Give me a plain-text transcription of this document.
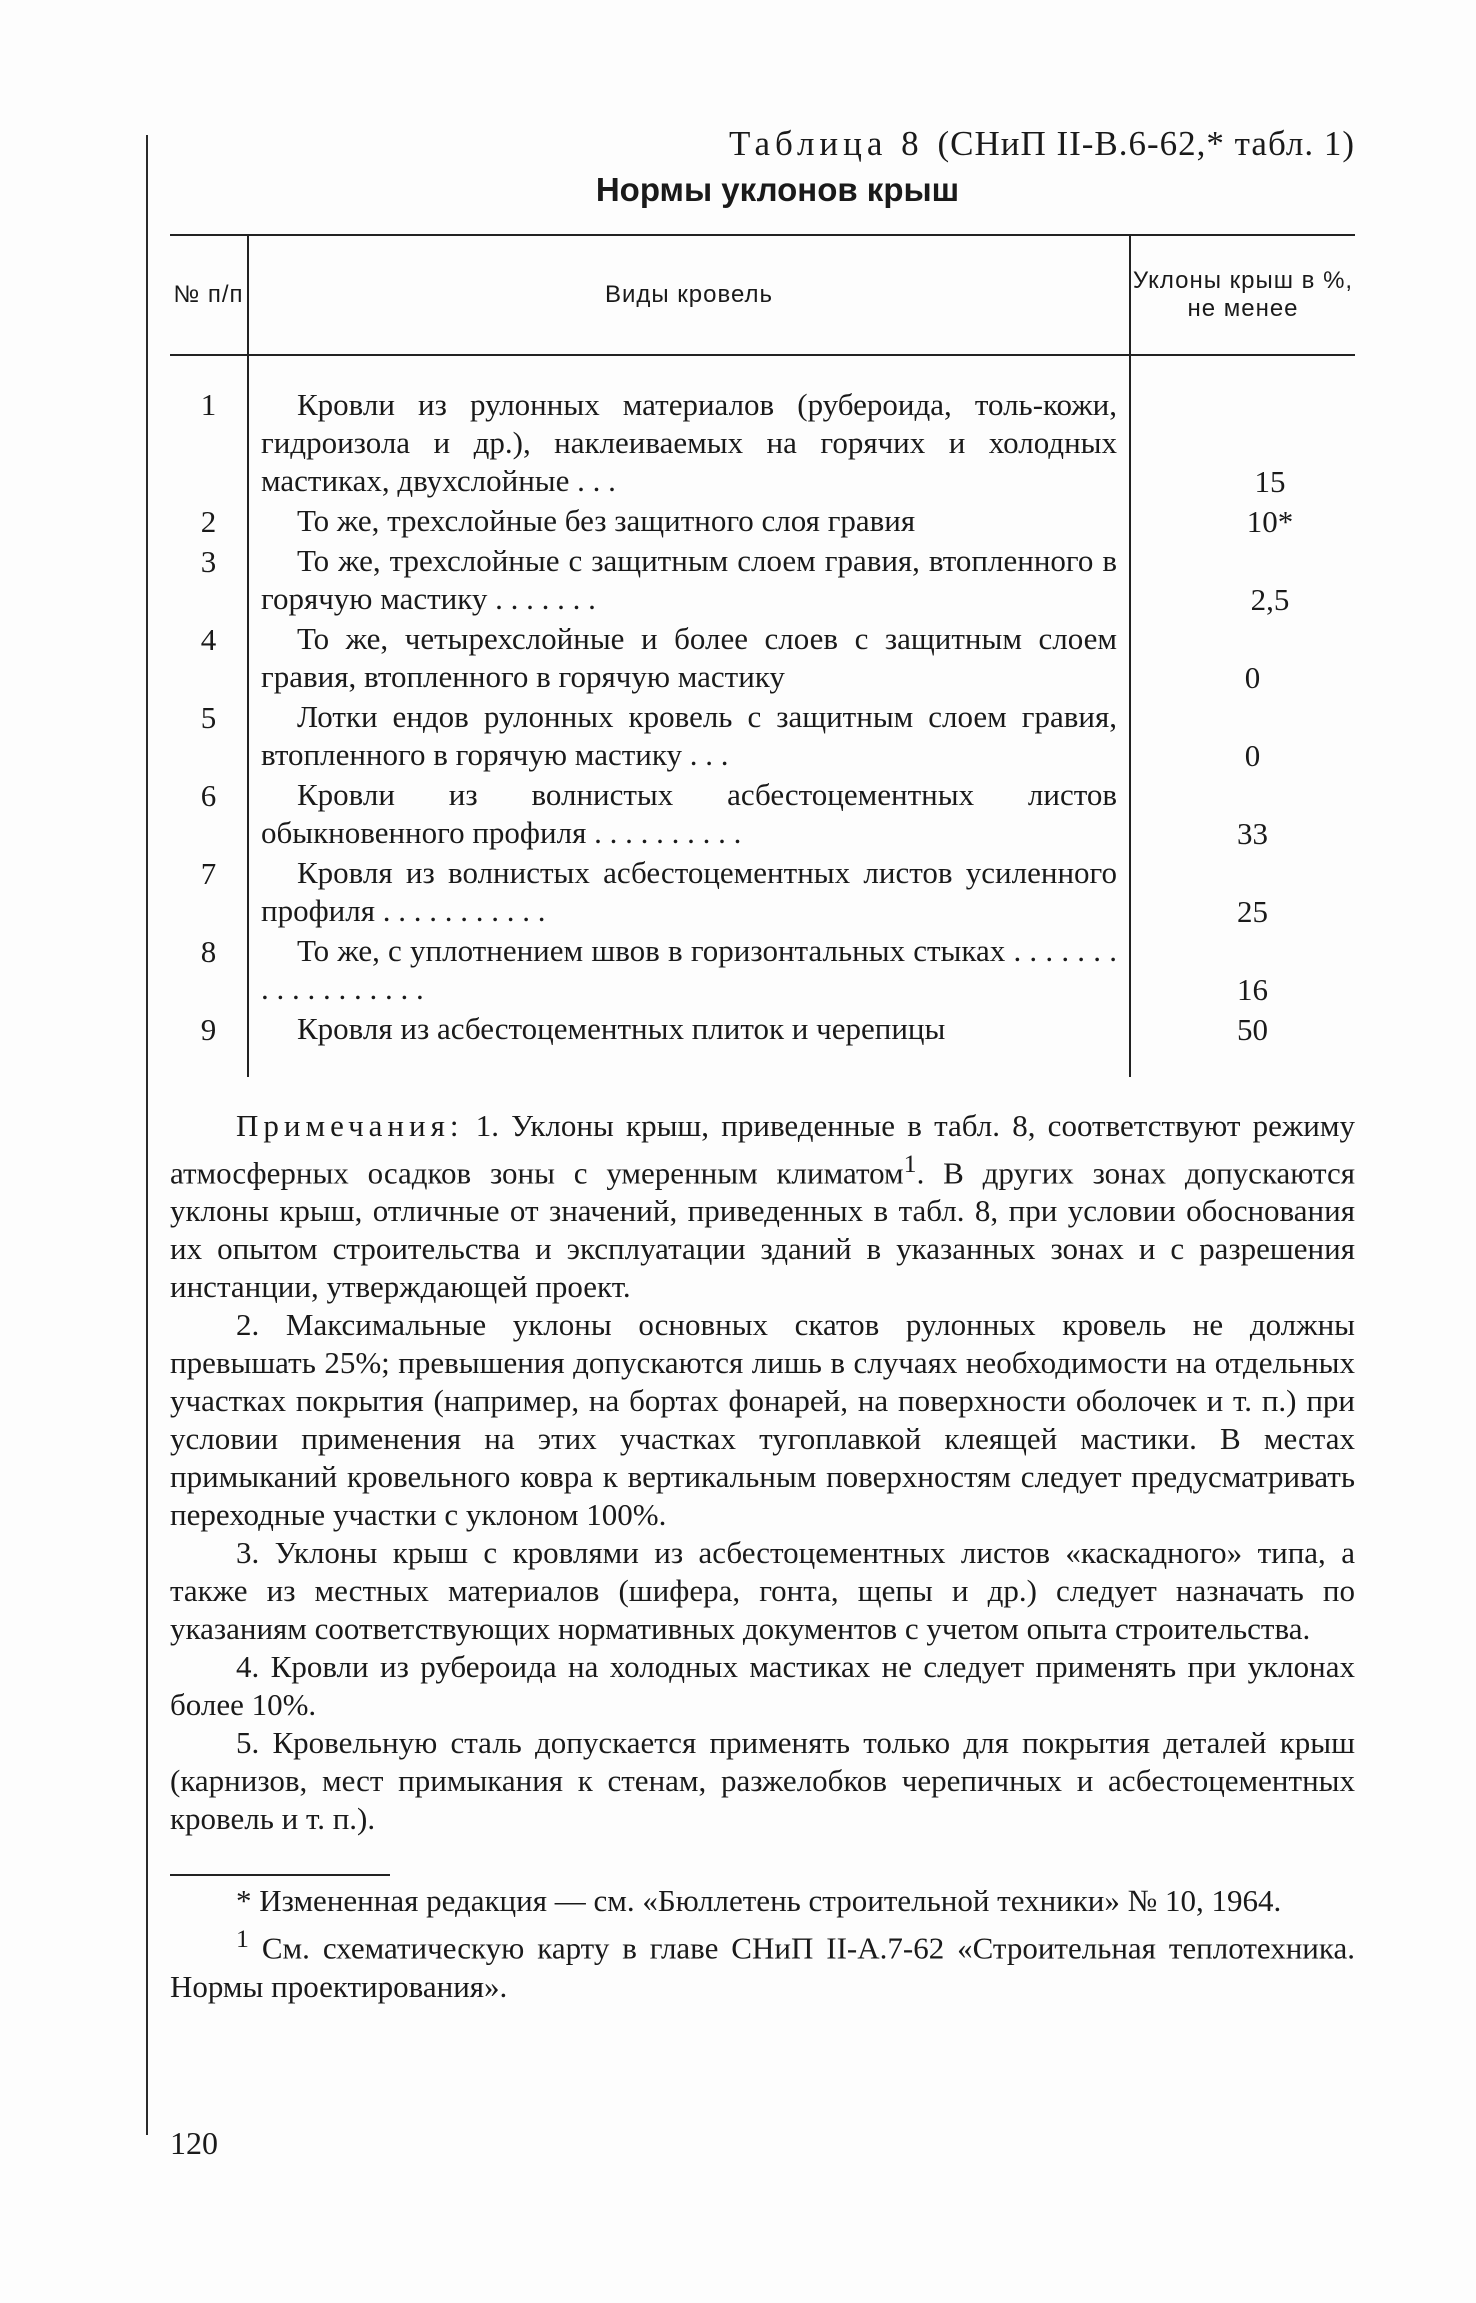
Таблица 8 (СНиП II-В.6-62,* табл. 1)
Нормы уклонов крыш
№ п/п	Виды кровель	Уклоны крыш в %, не менее
1	Кровли из рулонных материалов (рубероида, толь-кожи, гидроизола и др.), наклеиваемых на горячих и холодных мастиках, двухслойные . . .	15
2	То же, трехслойные без защитного слоя гравия	10*
3	То же, трехслойные с защитным слоем гравия, втопленного в горячую мастику . . . . . . .	2,5
4	То же, четырехслойные и более слоев с защитным слоем гравия, втопленного в горячую мастику	0
5	Лотки ендов рулонных кровель с защитным слоем гравия, втопленного в горячую мастику . . .	0
6	Кровли из волнистых асбестоцементных листов обыкновенного профиля . . . . . . . . . .	33
7	Кровля из волнистых асбестоцементных листов усиленного профиля . . . . . . . . . . .	25
8	То же, с уплотнением швов в горизонтальных стыках . . . . . . . . . . . . . . . . . .	16
9	Кровля из асбестоцементных плиток и черепицы	50

Примечания: 1. Уклоны крыш, приведенные в табл. 8, соответствуют режиму атмосферных осадков зоны с умеренным климатом$^1$. В других зонах допускаются уклоны крыш, отличные от значений, приведенных в табл. 8, при условии обоснования их опытом строительства и эксплуатации зданий в указанных зонах и с разрешения инстанции, утверждающей проект.

2. Максимальные уклоны основных скатов рулонных кровель не должны превышать 25%; превышения допускаются лишь в случаях необходимости на отдельных участках покрытия (например, на бортах фонарей, на поверхности оболочек и т. п.) при условии применения на этих участках тугоплавкой клеящей мастики. В местах примыканий кровельного ковра к вертикальным поверхностям следует предусматривать переходные участки с уклоном 100%.

3. Уклоны крыш с кровлями из асбестоцементных листов «каскадного» типа, а также из местных материалов (шифера, гонта, щепы и др.) следует назначать по указаниям соответствующих нормативных документов с учетом опыта строительства.

4. Кровли из рубероида на холодных мастиках не следует применять при уклонах более 10%.

5. Кровельную сталь допускается применять только для покрытия деталей крыш (карнизов, мест примыкания к стенам, разжелобков черепичных и асбестоцементных кровель и т. п.).

* Измененная редакция — см. «Бюллетень строительной техники» № 10, 1964.

$^1$ См. схематическую карту в главе СНиП II-А.7-62 «Строительная теплотехника. Нормы проектирования».

120
